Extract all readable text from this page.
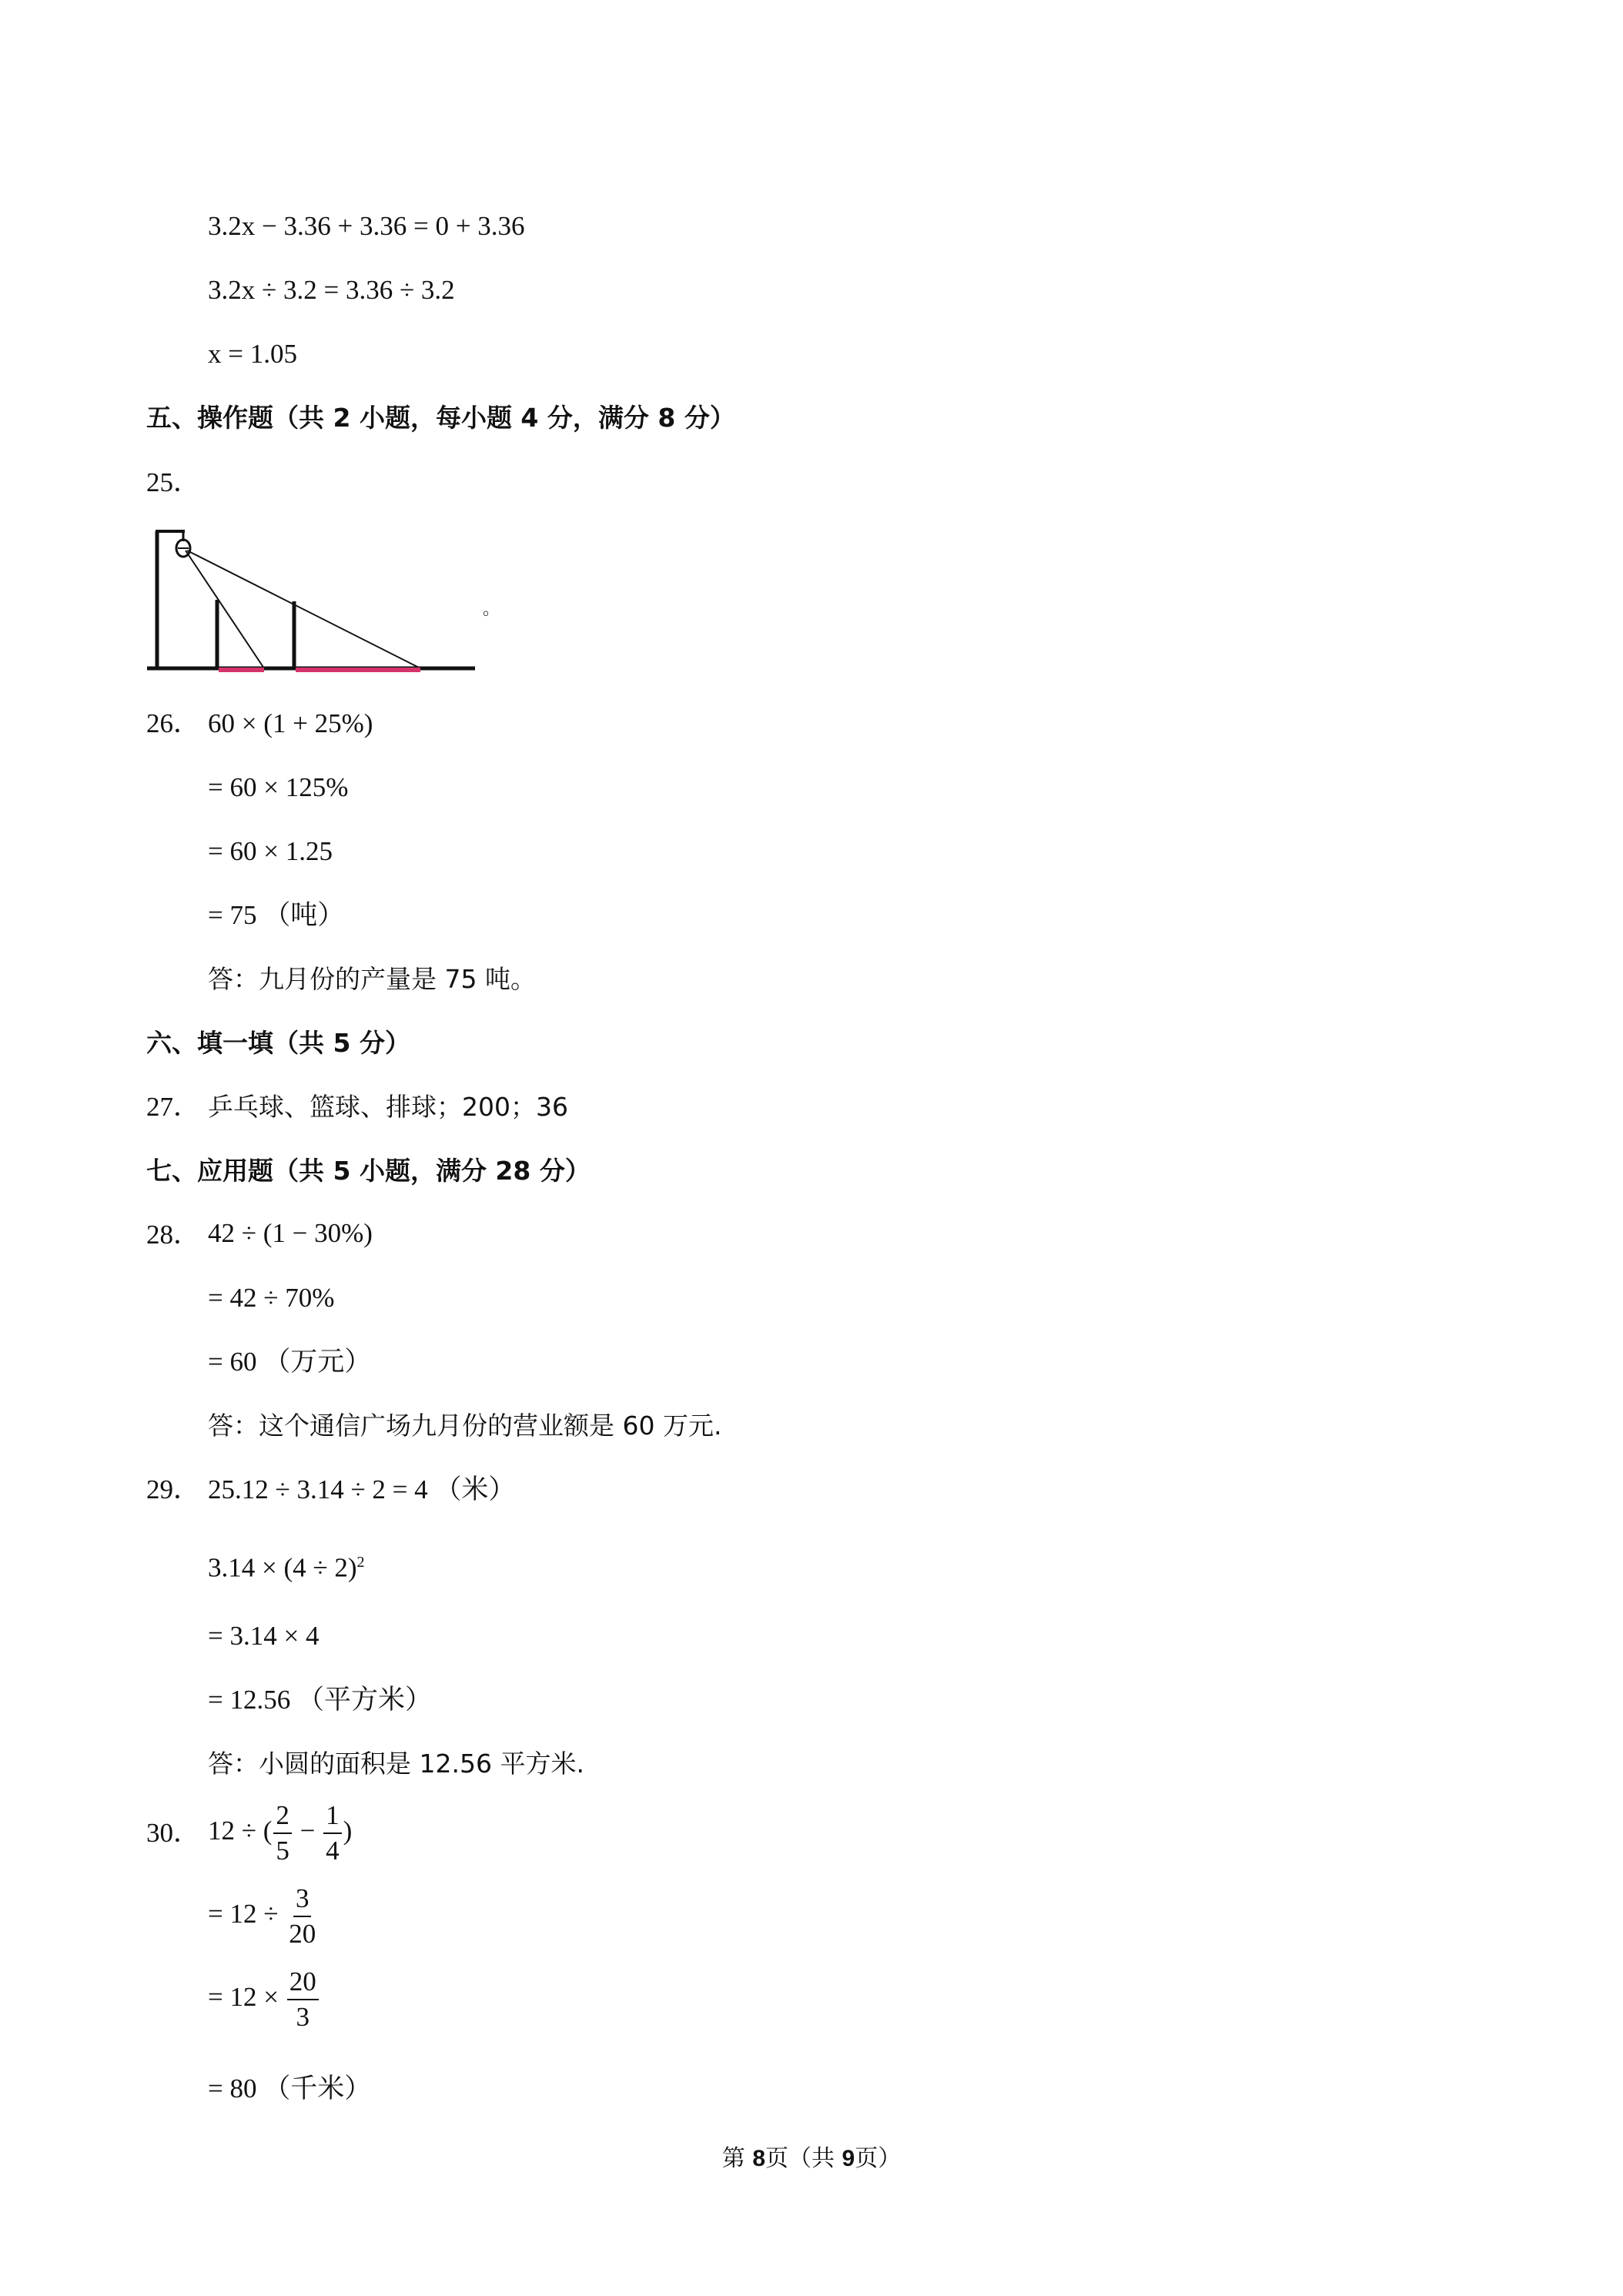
3.2x − 3.36 + 3.36 = 0 + 3.36
3.2x ÷ 3.2 = 3.36 ÷ 3.2
x = 1.05
五、操作题（共 2 小题，每小题 4 分，满分 8 分）
25．
。
26． 60 × (1 + 25%)
= 60 × 125%
= 60 × 1.25
= 75 （吨）
答：九月份的产量是 75 吨。
六、填一填（共 5 分）
27． 乒乓球、篮球、排球；200；36
七、应用题（共 5 小题，满分 28 分）
28． 42 ÷ (1 − 30%)
= 42 ÷ 70%
= 60 （万元）
答：这个通信广场九月份的营业额是 60 万元.
29． 25.12 ÷ 3.14 ÷ 2 = 4 （米）
$3.14 \times (4 \div 2)^2$
= 3.14 × 4
= 12.56 （平方米）
答：小圆的面积是 12.56 平方米.
30． 12 ÷ ( $\frac{2}{5} - \frac{1}{4}$ )
= $12 \div \frac{3}{20}$
= $12 \times \frac{20}{3}$
= 80 （千米）
第 8页（共 9页）
